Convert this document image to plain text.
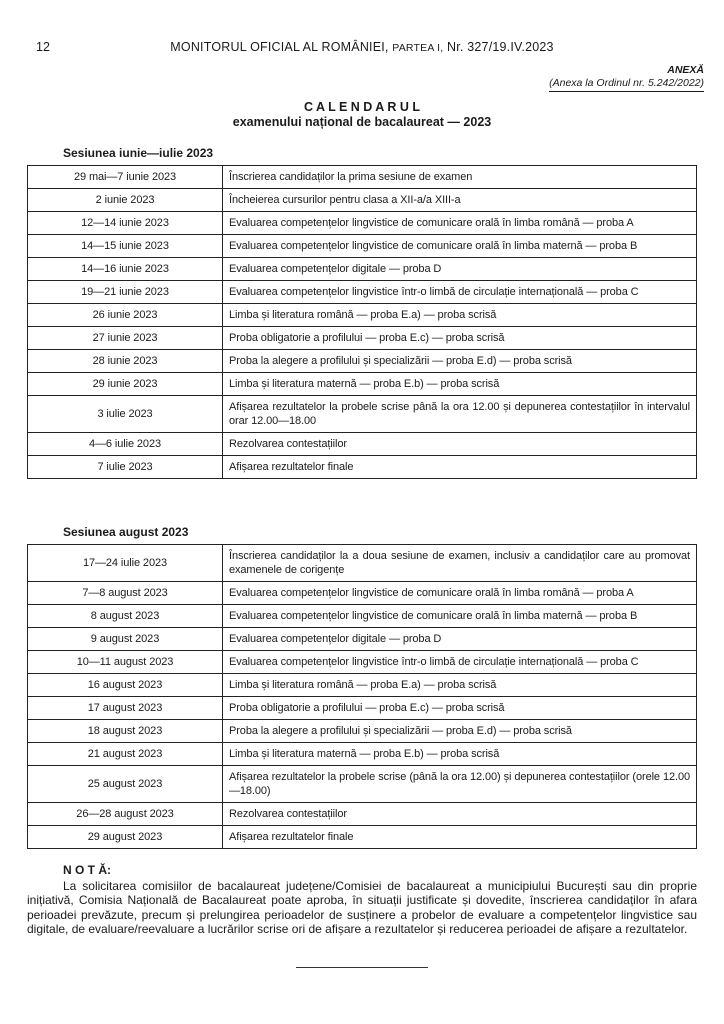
12	MONITORUL OFICIAL AL ROMÂNIEI, PARTEA I, Nr. 327/19.IV.2023
ANEXĂ
(Anexa la Ordinul nr. 5.242/2022)
C A L E N D A R U L
examenului național de bacalaureat — 2023
Sesiunea iunie—iulie 2023
29 mai—7 iunie 2023	Înscrierea candidaților la prima sesiune de examen
2 iunie 2023	Încheierea cursurilor pentru clasa a XII-a/a XIII-a
12—14 iunie 2023	Evaluarea competențelor lingvistice de comunicare orală în limba română — proba A
14—15 iunie 2023	Evaluarea competențelor lingvistice de comunicare orală în limba maternă — proba B
14—16 iunie 2023	Evaluarea competențelor digitale — proba D
19—21 iunie 2023	Evaluarea competențelor lingvistice într-o limbă de circulație internațională — proba C
26 iunie 2023	Limba și literatura română — proba E.a) — proba scrisă
27 iunie 2023	Proba obligatorie a profilului — proba E.c) — proba scrisă
28 iunie 2023	Proba la alegere a profilului și specializării — proba E.d) — proba scrisă
29 iunie 2023	Limba și literatura maternă — proba E.b) — proba scrisă
3 iulie 2023	Afișarea rezultatelor la probele scrise până la ora 12.00 și depunerea contestațiilor în intervalul orar 12.00—18.00
4—6 iulie 2023	Rezolvarea contestațiilor
7 iulie 2023	Afișarea rezultatelor finale
Sesiunea august 2023
17—24 iulie 2023	Înscrierea candidaților la a doua sesiune de examen, inclusiv a candidaților care au promovat examenele de corigențe
7—8 august 2023	Evaluarea competențelor lingvistice de comunicare orală în limba română — proba A
8 august 2023	Evaluarea competențelor lingvistice de comunicare orală în limba maternă — proba B
9 august 2023	Evaluarea competențelor digitale — proba D
10—11 august 2023	Evaluarea competențelor lingvistice într-o limbă de circulație internațională — proba C
16 august 2023	Limba și literatura română — proba E.a) — proba scrisă
17 august 2023	Proba obligatorie a profilului — proba E.c) — proba scrisă
18 august 2023	Proba la alegere a profilului și specializării — proba E.d) — proba scrisă
21 august 2023	Limba și literatura maternă — proba E.b) — proba scrisă
25 august 2023	Afișarea rezultatelor la probele scrise (până la ora 12.00) și depunerea contestațiilor (orele 12.00—18.00)
26—28 august 2023	Rezolvarea contestațiilor
29 august 2023	Afișarea rezultatelor finale
N O T Ă:
La solicitarea comisiilor de bacalaureat județene/Comisiei de bacalaureat a municipiului București sau din proprie inițiativă, Comisia Națională de Bacalaureat poate aproba, în situații justificate și dovedite, înscrierea candidaților în afara perioadei prevăzute, precum și prelungirea perioadelor de susținere a probelor de evaluare a competențelor lingvistice sau digitale, de evaluare/reevaluare a lucrărilor scrise ori de afișare a rezultatelor și reducerea perioadei de afișare a rezultatelor.
